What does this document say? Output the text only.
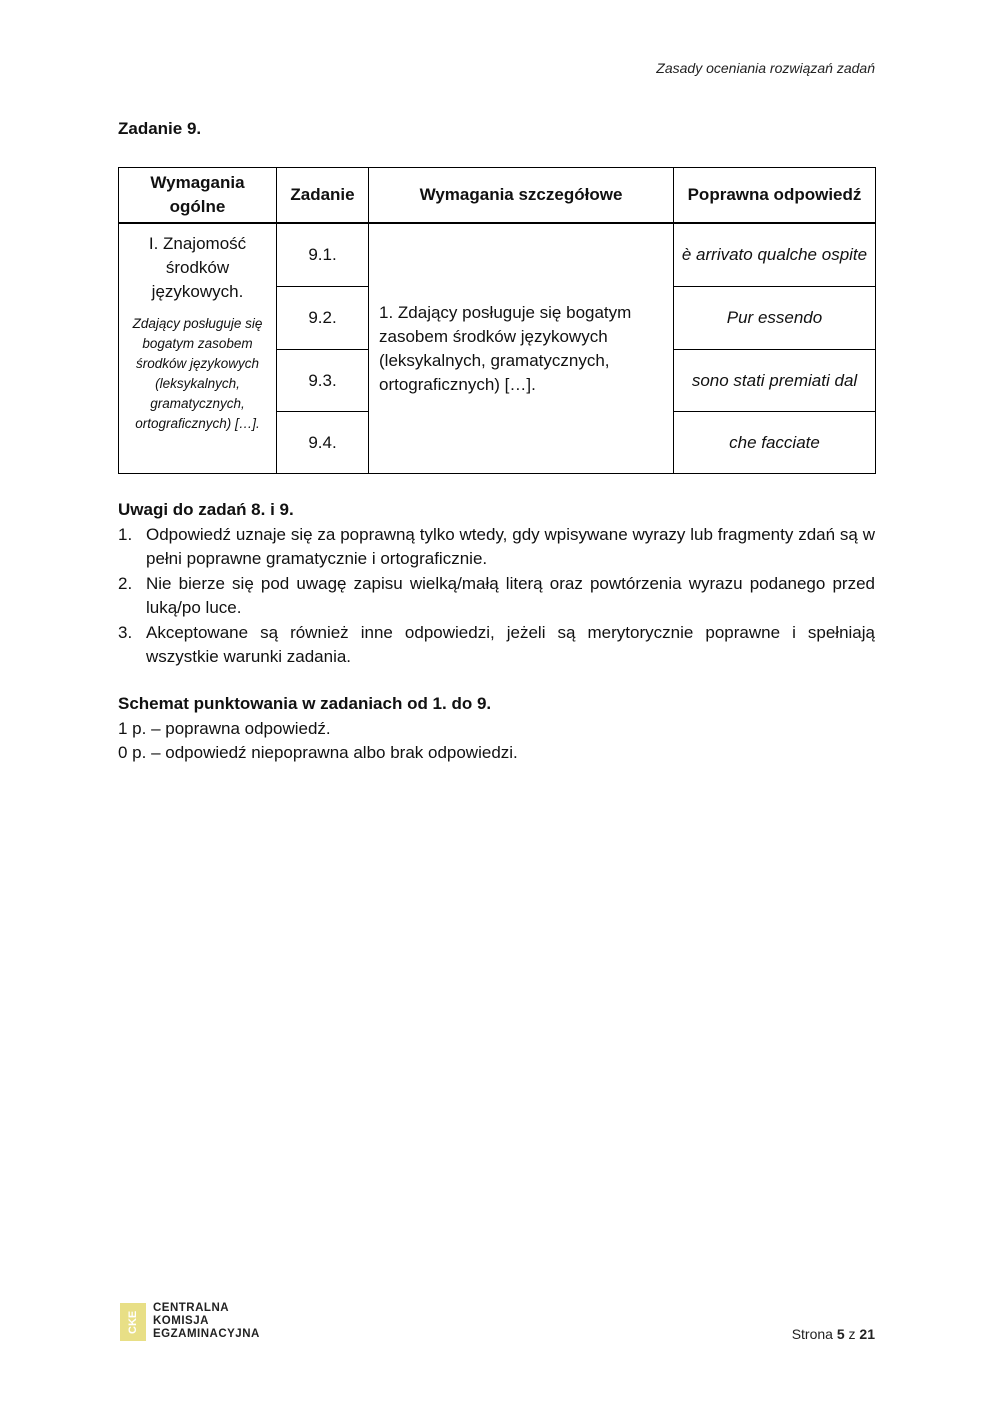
Zasady oceniania rozwiązań zadań
Zadanie 9.
Wymagania ogólne	Zadanie	Wymagania szczegółowe	Poprawna odpowiedź

I. Znajomość środków językowych.
Zdający posługuje się bogatym zasobem środków językowych (leksykalnych, gramatycznych, ortograficznych) […].	9.1.	1. Zdający posługuje się bogatym zasobem środków językowych (leksykalnych, gramatycznych, ortograficznych) […].	è arrivato qualche ospite
	9.2.		Pur essendo
	9.3.		sono stati premiati dal
	9.4.		che facciate
Uwagi do zadań 8. i 9.
1. Odpowiedź uznaje się za poprawną tylko wtedy, gdy wpisywane wyrazy lub fragmenty zdań są w pełni poprawne gramatycznie i ortograficznie.
2. Nie bierze się pod uwagę zapisu wielką/małą literą oraz powtórzenia wyrazu podanego przed luką/po luce.
3. Akceptowane są również inne odpowiedzi, jeżeli są merytorycznie poprawne i spełniają wszystkie warunki zadania.
Schemat punktowania w zadaniach od 1. do 9.
1 p. – poprawna odpowiedź.
0 p. – odpowiedź niepoprawna albo brak odpowiedzi.
CKE
CENTRALNA
KOMISJA
EGZAMINACYJNA	Strona 5 z 21
